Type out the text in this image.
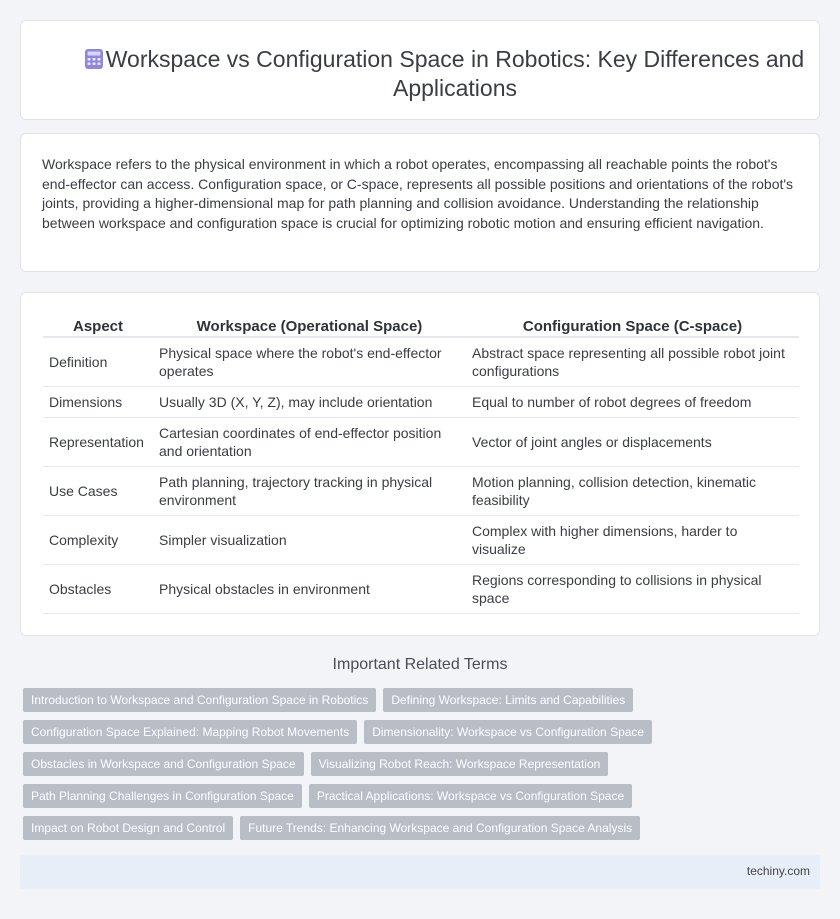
Workspace vs Configuration Space in Robotics: Key Differences and Applications

Workspace refers to the physical environment in which a robot operates, encompassing all reachable points the robot's end-effector can access. Configuration space, or C-space, represents all possible positions and orientations of the robot's joints, providing a higher-dimensional map for path planning and collision avoidance. Understanding the relationship between workspace and configuration space is crucial for optimizing robotic motion and ensuring efficient navigation.

Aspect	Workspace (Operational Space)	Configuration Space (C-space)
Definition	Physical space where the robot's end-effector operates	Abstract space representing all possible robot joint configurations
Dimensions	Usually 3D (X, Y, Z), may include orientation	Equal to number of robot degrees of freedom
Representation	Cartesian coordinates of end-effector position and orientation	Vector of joint angles or displacements
Use Cases	Path planning, trajectory tracking in physical environment	Motion planning, collision detection, kinematic feasibility
Complexity	Simpler visualization	Complex with higher dimensions, harder to visualize
Obstacles	Physical obstacles in environment	Regions corresponding to collisions in physical space
Important Related Terms
Introduction to Workspace and Configuration Space in Robotics	Defining Workspace: Limits and Capabilities
Configuration Space Explained: Mapping Robot Movements	Dimensionality: Workspace vs Configuration Space
Obstacles in Workspace and Configuration Space	Visualizing Robot Reach: Workspace Representation
Path Planning Challenges in Configuration Space	Practical Applications: Workspace vs Configuration Space
Impact on Robot Design and Control	Future Trends: Enhancing Workspace and Configuration Space Analysis
techiny.com
